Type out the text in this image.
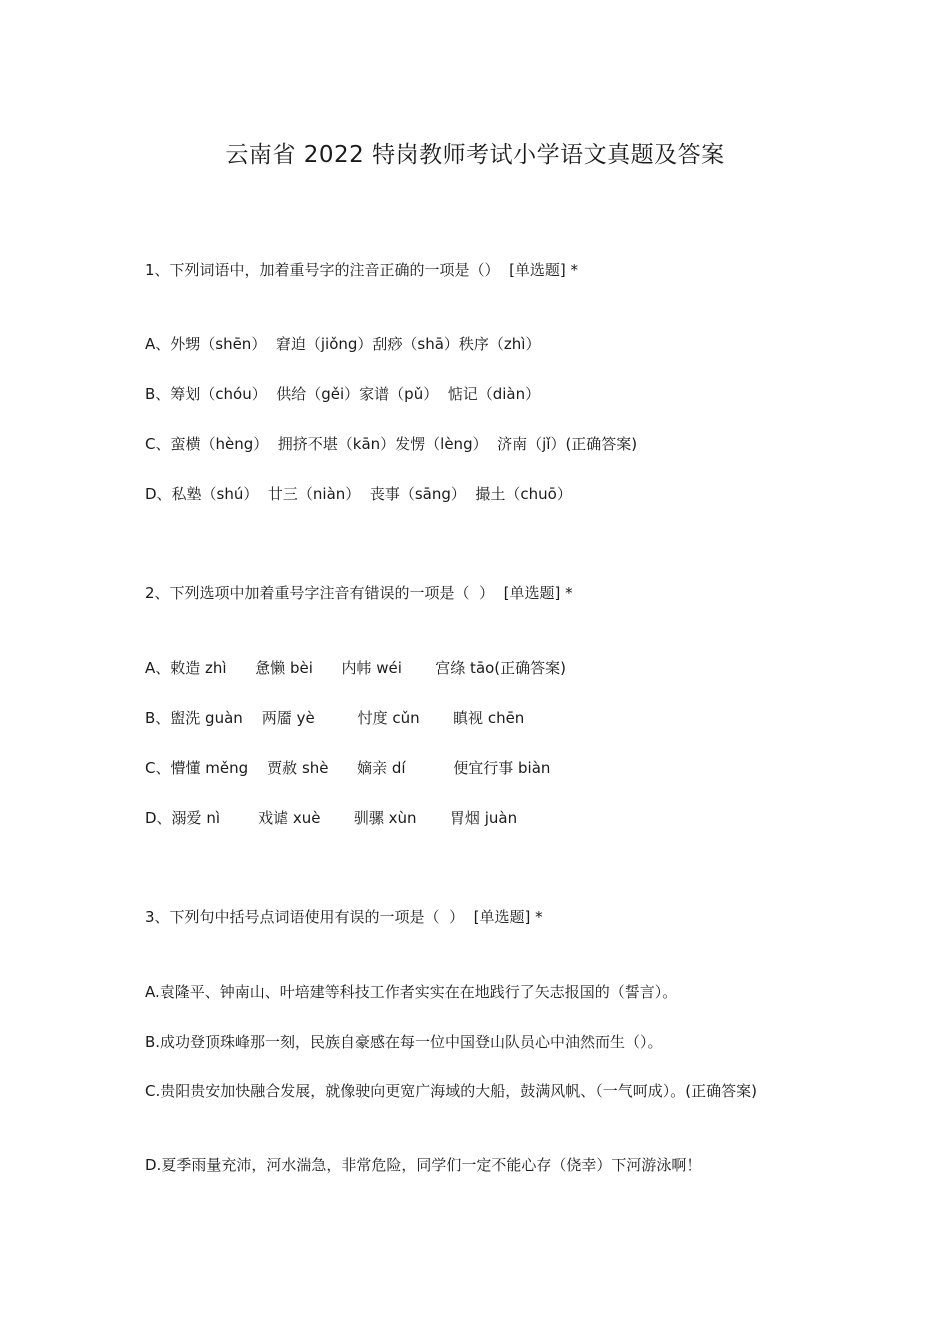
云南省 2022 特岗教师考试小学语文真题及答案

1、下列词语中，加着重号字的注音正确的一项是（）  [单选题] *

A、外甥（shēn）  窘迫（jiǒng）刮痧（shā）秩序（zhì）

B、筹划（chóu）  供给（gěi）家谱（pǔ）  惦记（diàn）

C、蛮横（hèng）  拥挤不堪（kān）发愣（lèng）  济南（jǐ）(正确答案)

D、私塾（shú）  廿三（niàn）  丧事（sāng）  撮土（chuō）

2、下列选项中加着重号字注音有错误的一项是（  ）  [单选题] *

A、敕造 zhì      惫懒 bèi      内帏 wéi       宫绦 tāo(正确答案)

B、盥洗 guàn    两靥 yè         忖度 cǔn       瞋视 chēn

C、懵懂 měng    贾赦 shè      嫡亲 dí          便宜行事 biàn

D、溺爱 nì        戏谑 xuè       驯骡 xùn       胃烟 juàn

3、下列句中括号点词语使用有误的一项是（  ）  [单选题] *

A.袁隆平、钟南山、叶培建等科技工作者实实在在地践行了矢志报国的（誓言）。

B.成功登顶珠峰那一刻，民族自豪感在每一位中国登山队员心中油然而生（）。

C.贵阳贵安加快融合发展，就像驶向更宽广海域的大船，鼓满风帆、（一气呵成）。(正确答案)

D.夏季雨量充沛，河水湍急，非常危险，同学们一定不能心存（侥幸）下河游泳啊！
